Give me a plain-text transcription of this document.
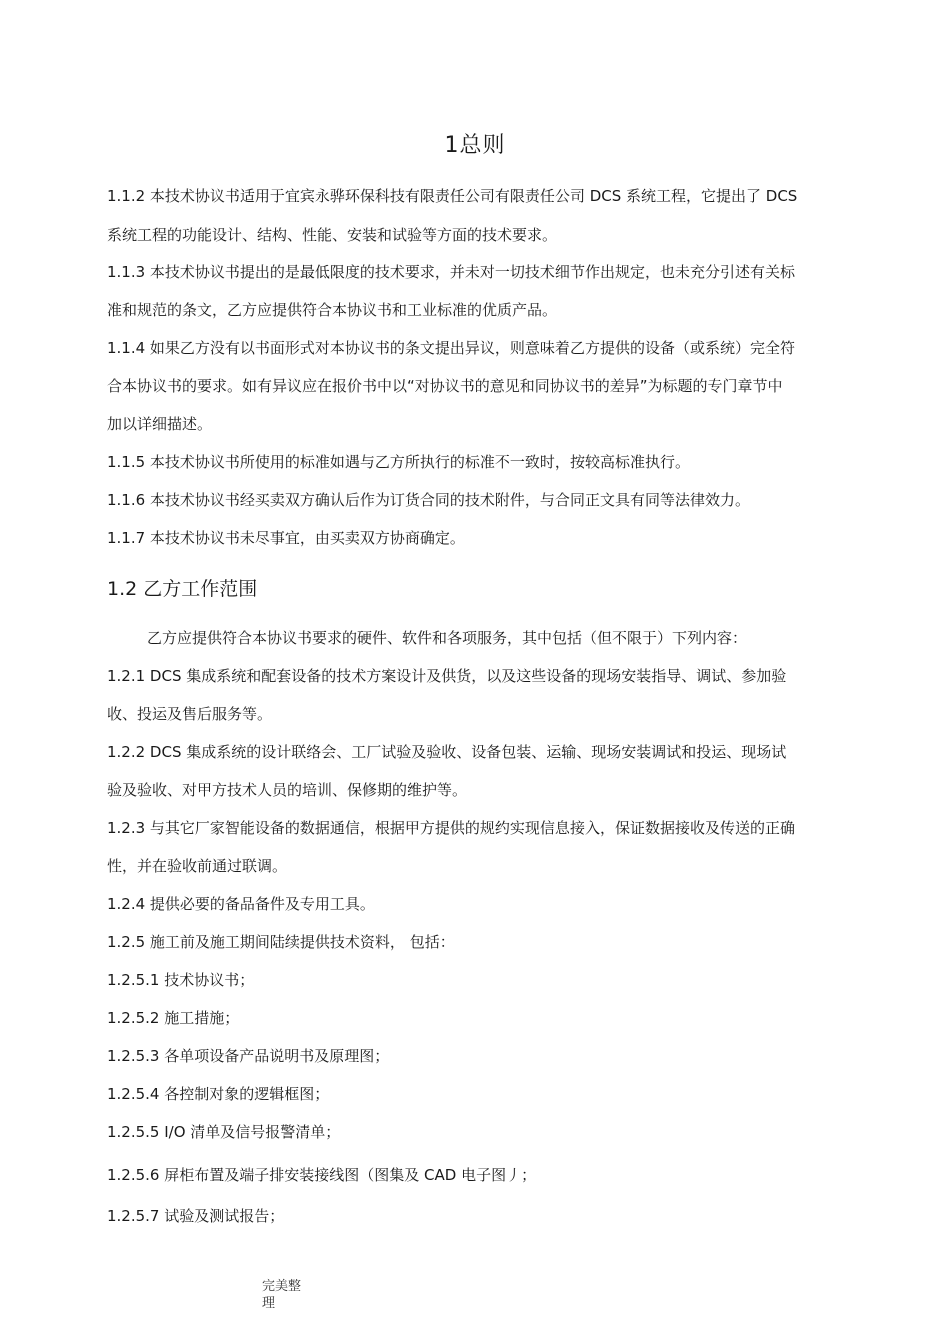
1总则
1.1.2 本技术协议书适用于宜宾永骅环保科技有限责任公司有限责任公司 DCS 系统工程，它提出了 DCS
系统工程的功能设计、结构、性能、安装和试验等方面的技术要求。
1.1.3 本技术协议书提出的是最低限度的技术要求，并未对一切技术细节作出规定，也未充分引述有关标
准和规范的条文，乙方应提供符合本协议书和工业标准的优质产品。
1.1.4 如果乙方没有以书面形式对本协议书的条文提出异议，则意味着乙方提供的设备（或系统）完全符
合本协议书的要求。如有异议应在报价书中以“对协议书的意见和同协议书的差异”为标题的专门章节中
加以详细描述。
1.1.5 本技术协议书所使用的标准如遇与乙方所执行的标准不一致时，按较高标准执行。
1.1.6 本技术协议书经买卖双方确认后作为订货合同的技术附件，与合同正文具有同等法律效力。
1.1.7 本技术协议书未尽事宜，由买卖双方协商确定。
1.2 乙方工作范围
乙方应提供符合本协议书要求的硬件、软件和各项服务，其中包括（但不限于）下列内容：
1.2.1 DCS 集成系统和配套设备的技术方案设计及供货，以及这些设备的现场安装指导、调试、参加验
收、投运及售后服务等。
1.2.2 DCS 集成系统的设计联络会、工厂试验及验收、设备包装、运输、现场安装调试和投运、现场试
验及验收、对甲方技术人员的培训、保修期的维护等。
1.2.3 与其它厂家智能设备的数据通信，根据甲方提供的规约实现信息接入，保证数据接收及传送的正确
性，并在验收前通过联调。
1.2.4 提供必要的备品备件及专用工具。
1.2.5 施工前及施工期间陆续提供技术资料， 包括：
1.2.5.1 技术协议书；
1.2.5.2 施工措施；
1.2.5.3 各单项设备产品说明书及原理图；
1.2.5.4 各控制对象的逻辑框图；
1.2.5.5 I/O 清单及信号报警清单；
1.2.5.6 屏柜布置及端子排安装接线图（图集及 CAD 电子图丿；
1.2.5.7 试验及测试报告；
完美整
理
